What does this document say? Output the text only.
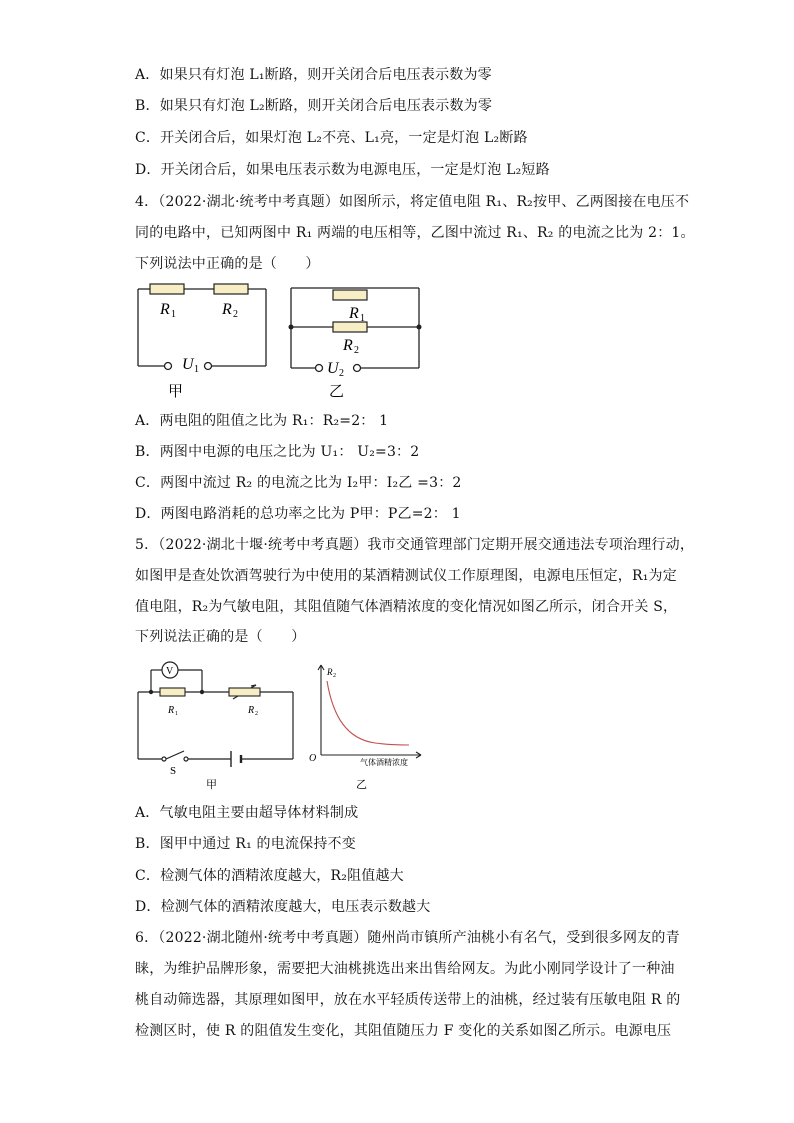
A．如果只有灯泡 L₁断路，则开关闭合后电压表示数为零
B．如果只有灯泡 L₂断路，则开关闭合后电压表示数为零
C．开关闭合后，如果灯泡 L₂不亮、L₁亮，一定是灯泡 L₂断路
D．开关闭合后，如果电压表示数为电源电压，一定是灯泡 L₂短路
4．（2022·湖北·统考中考真题）如图所示，将定值电阻 R₁、R₂按甲、乙两图接在电压不
同的电路中，已知两图中 R₁ 两端的电压相等，乙图中流过 R₁、R₂ 的电流之比为 2：1。
下列说法中正确的是（　　）
R 1	R 2
U 1
甲
R 1
R 2
U 2
乙
A．两电阻的阻值之比为 R₁：R₂=2： 1
B．两图中电源的电压之比为 U₁： U₂=3：2
C．两图中流过 R₂ 的电流之比为 I₂甲：I₂乙 =3：2
D．两图电路消耗的总功率之比为 P甲：P乙=2： 1
5．（2022·湖北十堰·统考中考真题）我市交通管理部门定期开展交通违法专项治理行动，
如图甲是查处饮酒驾驶行为中使用的某酒精测试仪工作原理图，电源电压恒定，R₁为定
值电阻，R₂为气敏电阻，其阻值随气体酒精浓度的变化情况如图乙所示，闭合开关 S，
下列说法正确的是（　　）
V
R 1	R 2
S
甲
R 2
O	气体酒精浓度
乙
A．气敏电阻主要由超导体材料制成
B．图甲中通过 R₁ 的电流保持不变
C．检测气体的酒精浓度越大，R₂阻值越大
D．检测气体的酒精浓度越大，电压表示数越大
6．（2022·湖北随州·统考中考真题）随州尚市镇所产油桃小有名气，受到很多网友的青
睐，为维护品牌形象，需要把大油桃挑选出来出售给网友。为此小刚同学设计了一种油
桃自动筛选器，其原理如图甲，放在水平轻质传送带上的油桃，经过装有压敏电阻 R 的
检测区时，使 R 的阻值发生变化，其阻值随压力 F 变化的关系如图乙所示。电源电压
